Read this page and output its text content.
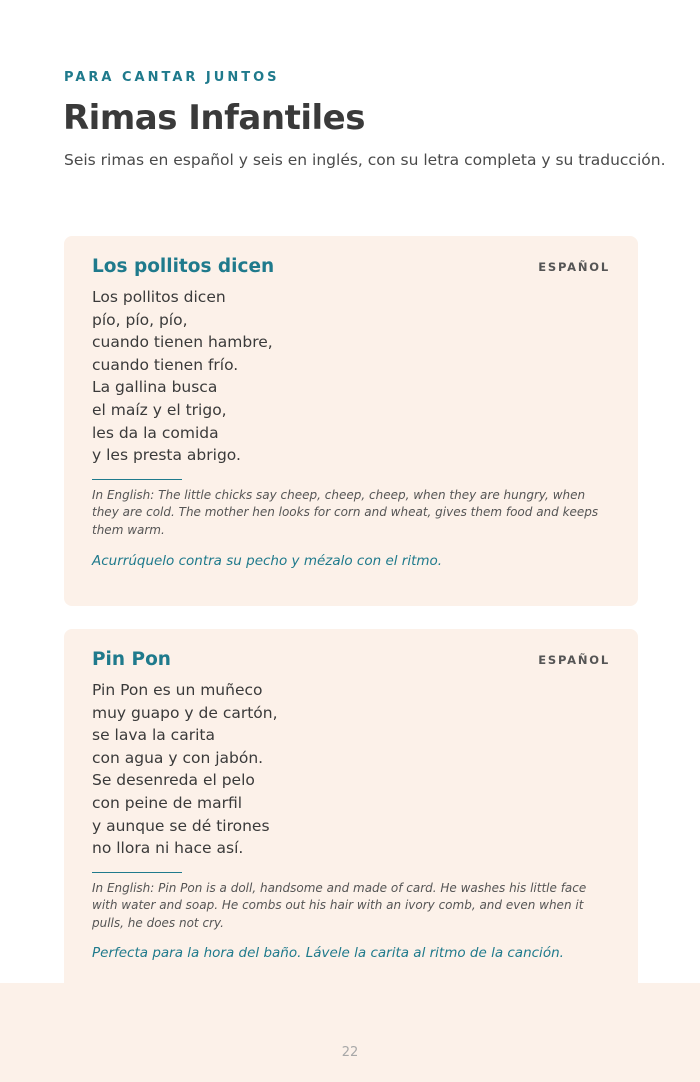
PARA CANTAR JUNTOS
Rimas Infantiles

Seis rimas en español y seis en inglés, con su letra completa y su traducción.

Los pollitos dicen	ESPAÑOL
Los pollitos dicen
pío, pío, pío,
cuando tienen hambre,
cuando tienen frío.
La gallina busca
el maíz y el trigo,
les da la comida
y les presta abrigo.

In English: The little chicks say cheep, cheep, cheep, when they are hungry, when they are cold. The mother hen looks for corn and wheat, gives them food and keeps them warm.

Acurrúquelo contra su pecho y mézalo con el ritmo.

Pin Pon	ESPAÑOL
Pin Pon es un muñeco
muy guapo y de cartón,
se lava la carita
con agua y con jabón.
Se desenreda el pelo
con peine de marfil
y aunque se dé tirones
no llora ni hace así.

In English: Pin Pon is a doll, handsome and made of card. He washes his little face with water and soap. He combs out his hair with an ivory comb, and even when it pulls, he does not cry.

Perfecta para la hora del baño. Lávele la carita al ritmo de la canción.

22
